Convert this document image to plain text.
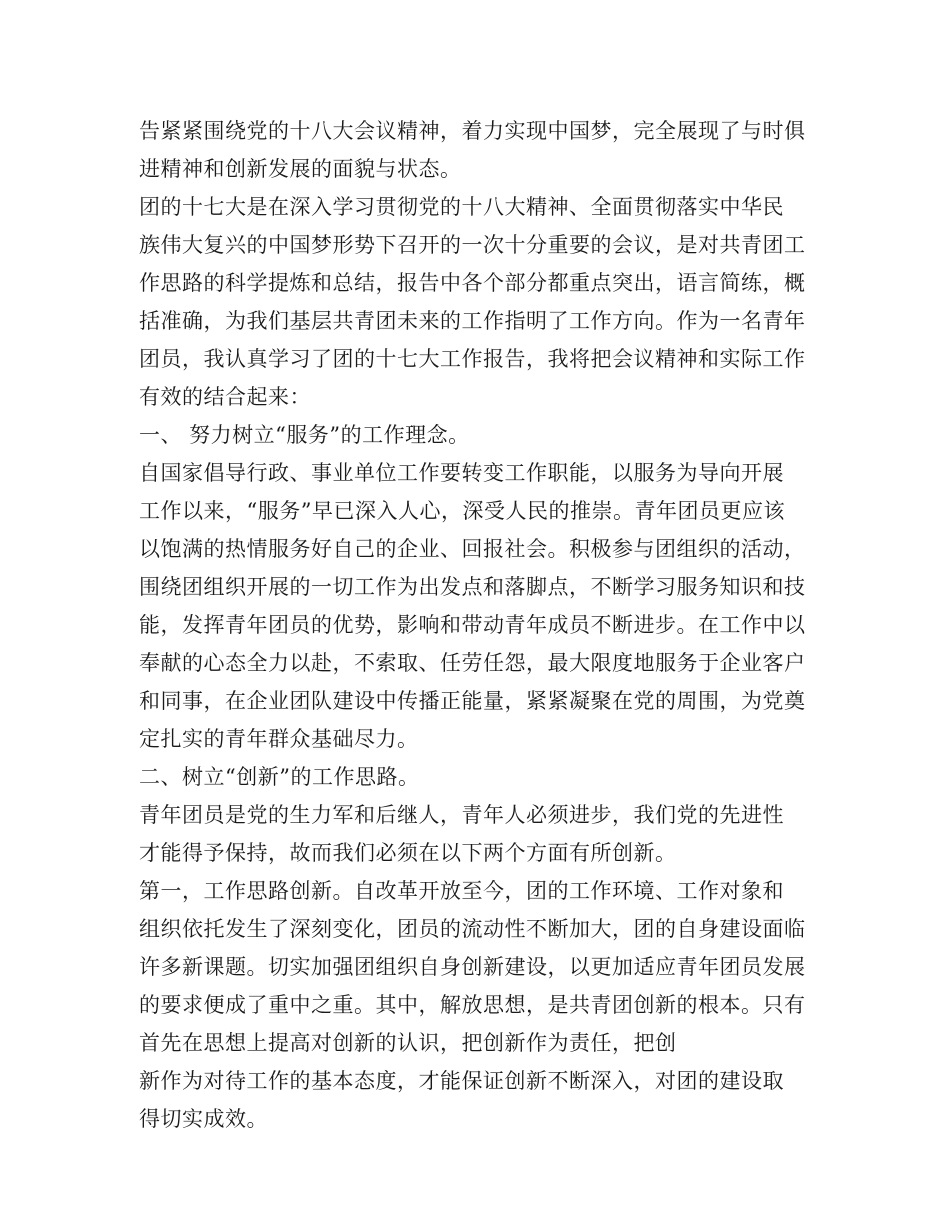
告紧紧围绕党的十八大会议精神，着力实现中国梦，完全展现了与时俱
进精神和创新发展的面貌与状态。
团的十七大是在深入学习贯彻党的十八大精神、全面贯彻落实中华民
族伟大复兴的中国梦形势下召开的一次十分重要的会议，是对共青团工
作思路的科学提炼和总结，报告中各个部分都重点突出，语言简练，概
括准确，为我们基层共青团未来的工作指明了工作方向。作为一名青年
团员，我认真学习了团的十七大工作报告，我将把会议精神和实际工作
有效的结合起来：
一、 努力树立“服务”的工作理念。
自国家倡导行政、事业单位工作要转变工作职能，以服务为导向开展
工作以来，“服务”早已深入人心，深受人民的推崇。青年团员更应该
以饱满的热情服务好自己的企业、回报社会。积极参与团组织的活动，
围绕团组织开展的一切工作为出发点和落脚点，不断学习服务知识和技
能，发挥青年团员的优势，影响和带动青年成员不断进步。在工作中以
奉献的心态全力以赴，不索取、任劳任怨，最大限度地服务于企业客户
和同事，在企业团队建设中传播正能量，紧紧凝聚在党的周围，为党奠
定扎实的青年群众基础尽力。
二、树立“创新”的工作思路。
青年团员是党的生力军和后继人，青年人必须进步，我们党的先进性
才能得予保持，故而我们必须在以下两个方面有所创新。
第一，工作思路创新。自改革开放至今，团的工作环境、工作对象和
组织依托发生了深刻变化，团员的流动性不断加大，团的自身建设面临
许多新课题。切实加强团组织自身创新建设，以更加适应青年团员发展
的要求便成了重中之重。其中，解放思想，是共青团创新的根本。只有
首先在思想上提高对创新的认识，把创新作为责任，把创
新作为对待工作的基本态度，才能保证创新不断深入，对团的建设取
得切实成效。
